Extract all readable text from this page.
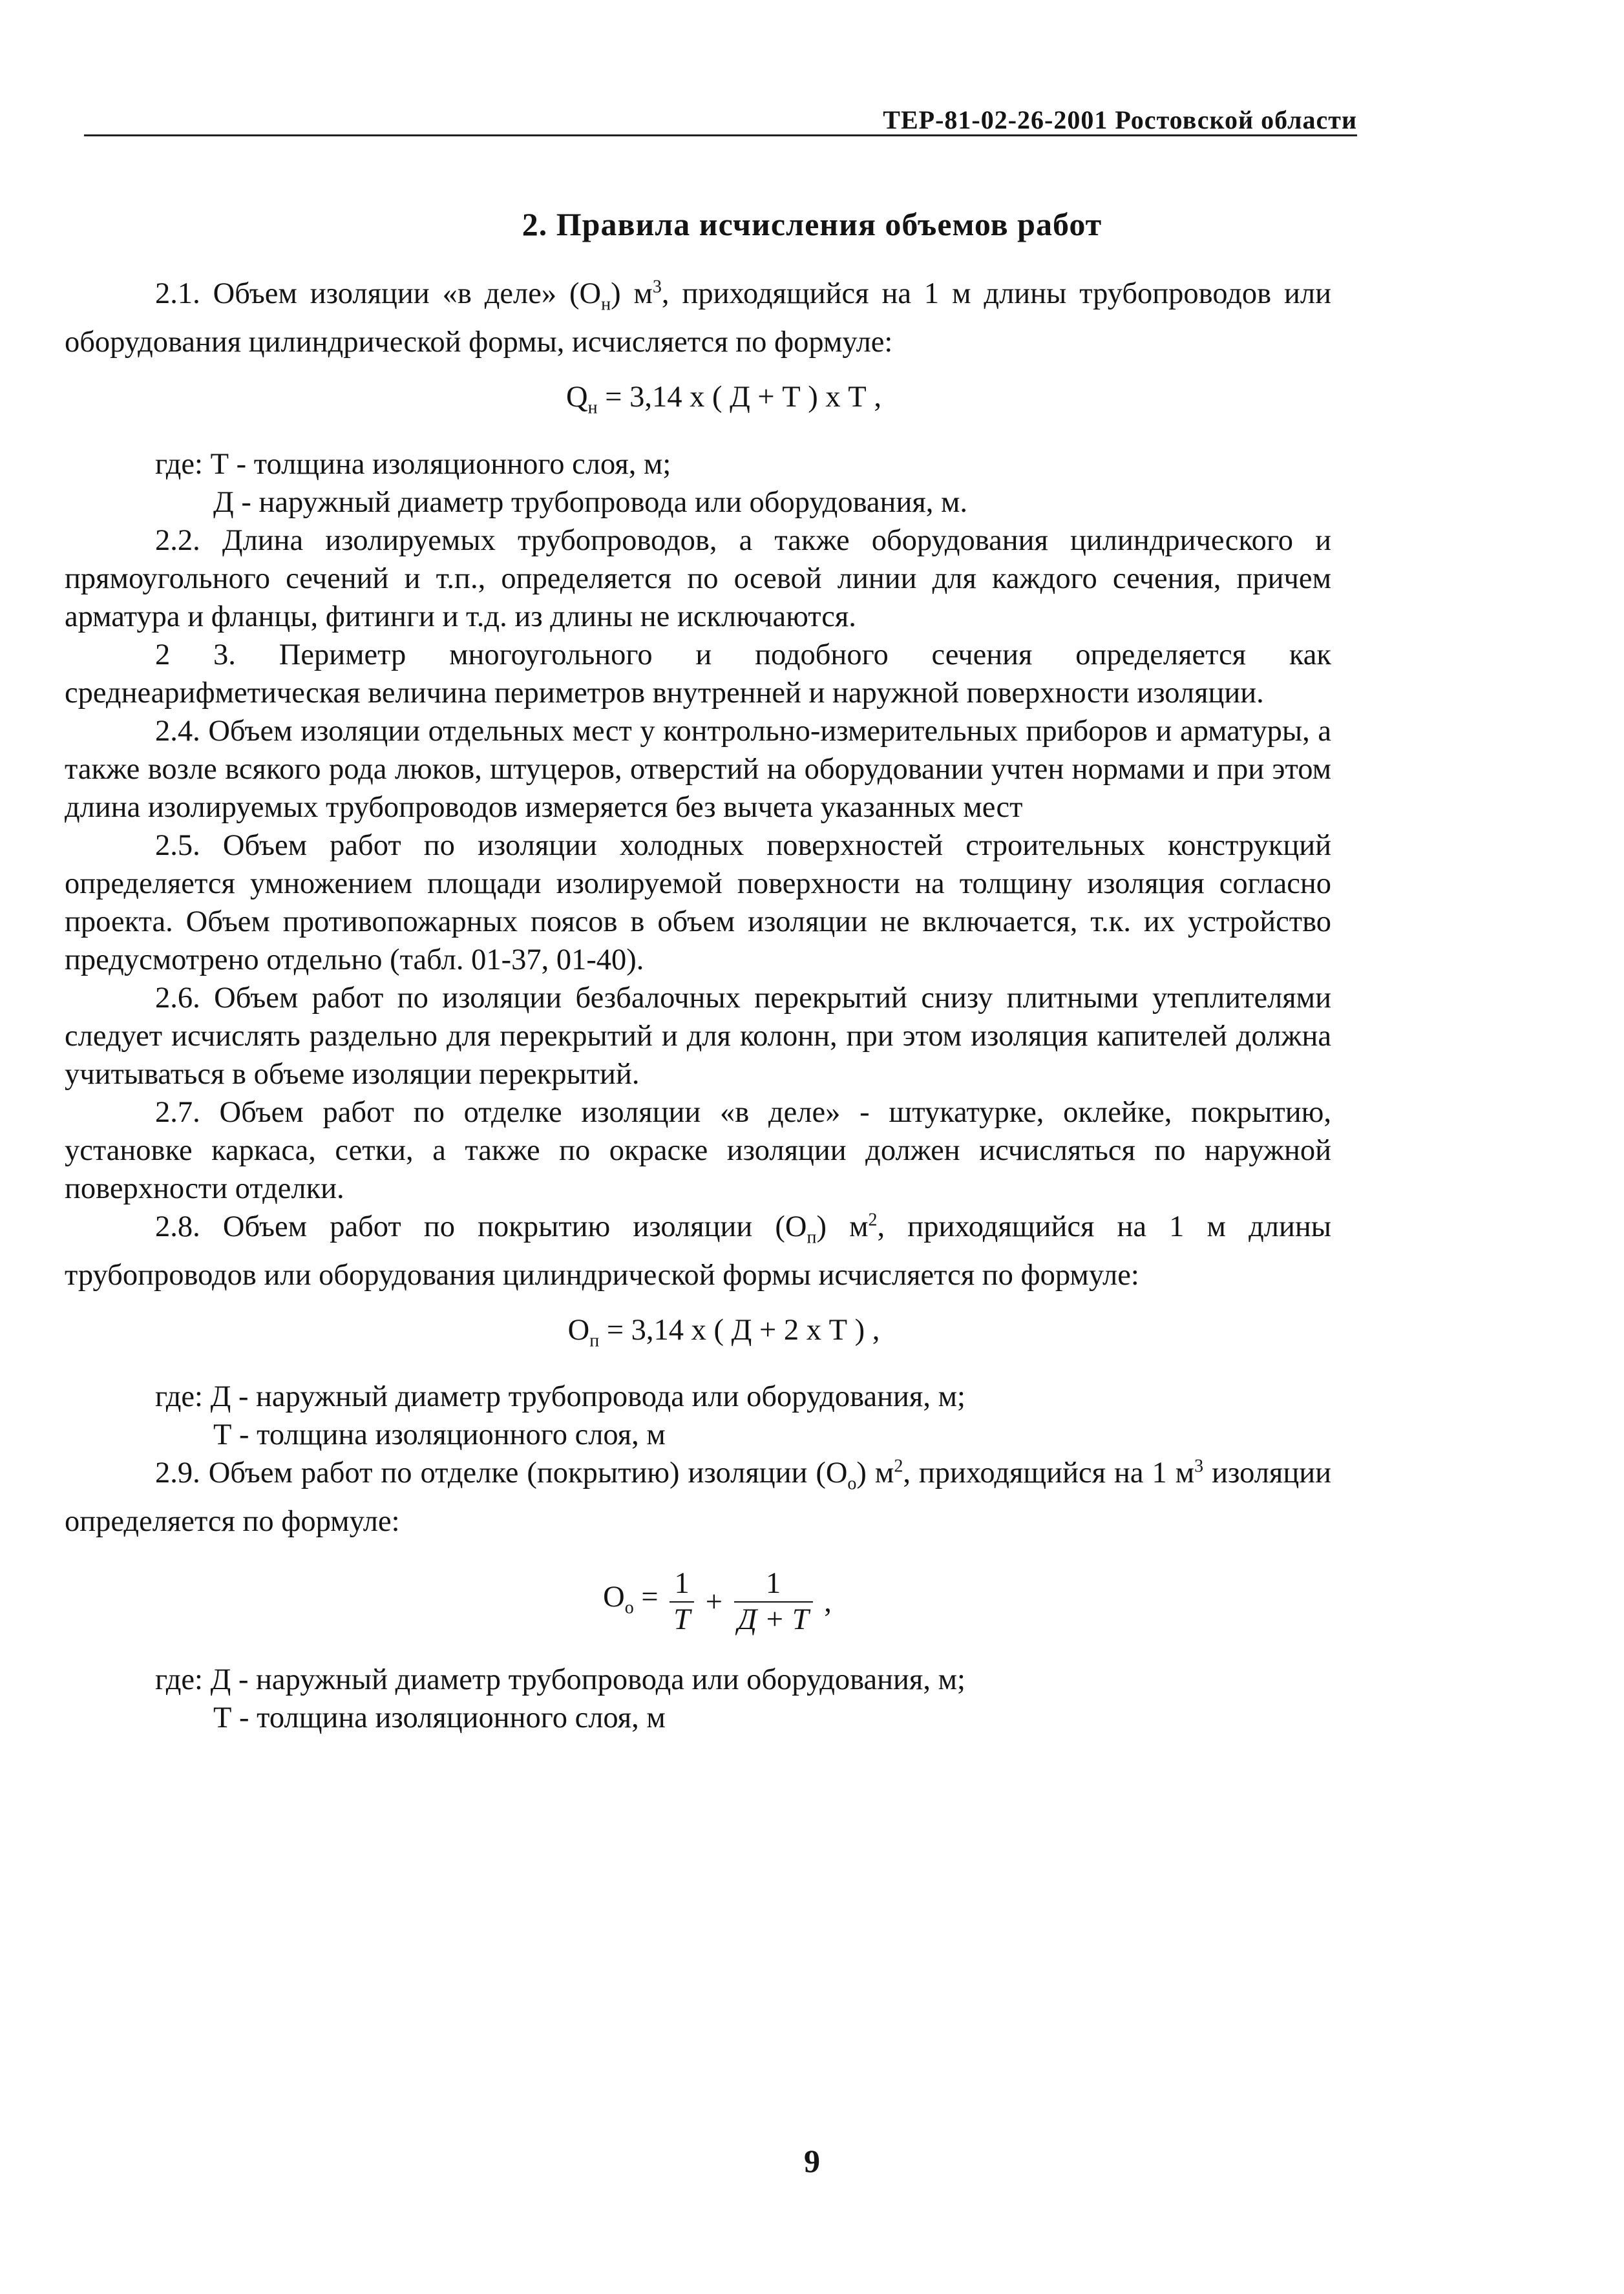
ТЕР-81-02-26-2001 Ростовской области
2. Правила исчисления объемов работ

2.1. Объем изоляции «в деле» $(О_н)$ $м^3$, приходящийся на 1 м длины трубопроводов или оборудования цилиндрической формы, исчисляется по формуле:

$Q_н = 3,14$ х ( Д + Т ) х Т ,

где: Т - толщина изоляционного слоя, м;

Д - наружный диаметр трубопровода или оборудования, м.

2.2. Длина изолируемых трубопроводов, а также оборудования цилиндрического и прямоугольного сечений и т.п., определяется по осевой линии для каждого сечения, причем арматура и фланцы, фитинги и т.д. из длины не исключаются.

2 3. Периметр многоугольного и подобного сечения определяется как среднеарифметическая величина периметров внутренней и наружной поверхности изоляции.

2.4. Объем изоляции отдельных мест у контрольно-измерительных приборов и арматуры, а также возле всякого рода люков, штуцеров, отверстий на оборудовании учтен нормами и при этом длина изолируемых трубопроводов измеряется без вычета указанных мест

2.5. Объем работ по изоляции холодных поверхностей строительных конструкций определяется умножением площади изолируемой поверхности на толщину изоляция согласно проекта. Объем противопожарных поясов в объем изоляции не включается, т.к. их устройство предусмотрено отдельно (табл. 01-37, 01-40).

2.6. Объем работ по изоляции безбалочных перекрытий снизу плитными утеплителями следует исчислять раздельно для перекрытий и для колонн, при этом изоляция капителей должна учитываться в объеме изоляции перекрытий.

2.7. Объем работ по отделке изоляции «в деле» - штукатурке, оклейке, покрытию, установке каркаса, сетки, а также по окраске изоляции должен исчисляться по наружной поверхности отделки.

2.8. Объем работ по покрытию изоляции $(О_п)$ $м^2$, приходящийся на 1 м длины трубопроводов или оборудования цилиндрической формы исчисляется по формуле:

$О_п = 3,14$ х ( Д + 2 х Т ) ,

где: Д - наружный диаметр трубопровода или оборудования, м;

Т - толщина изоляционного слоя, м

2.9. Объем работ по отделке (покрытию) изоляции $(О_о)$ $м^2$, приходящийся на 1 $м^3$ изоляции определяется по формуле:

$О_о = \frac{1}{T} + \frac{1}{Д + T}$ ,

где: Д - наружный диаметр трубопровода или оборудования, м;

Т - толщина изоляционного слоя, м

9
